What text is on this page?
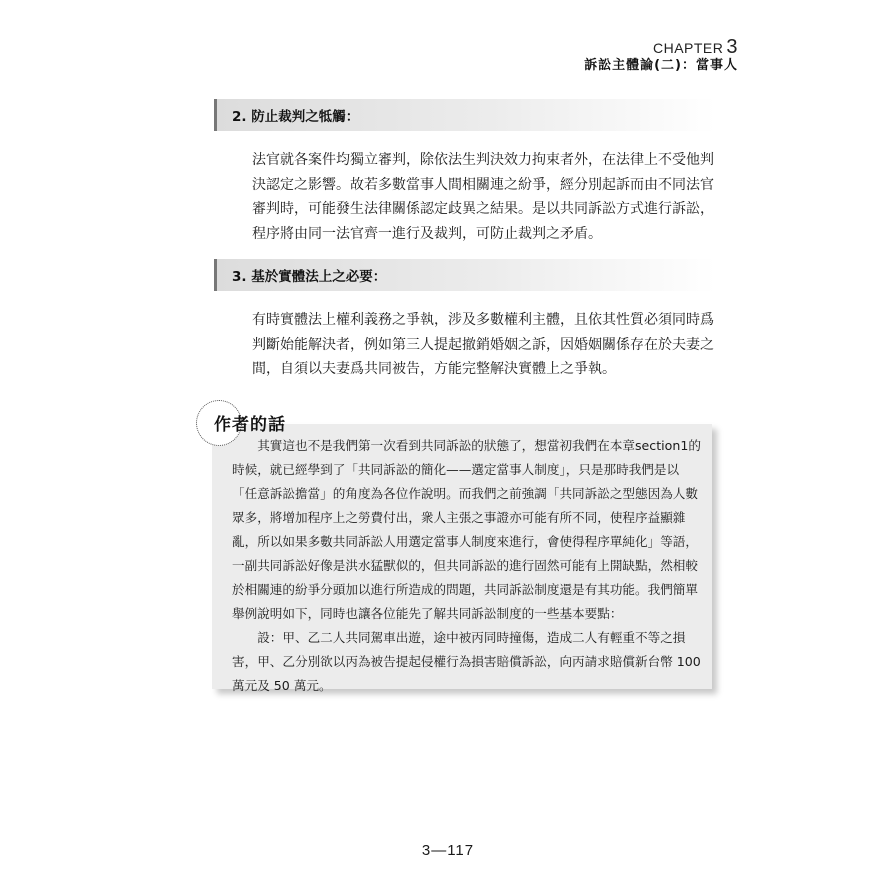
CHAPTER 3
訴訟主體論(二)：當事人
2. 防止裁判之牴觸：

法官就各案件均獨立審判，除依法生判決效力拘束者外，在法律上不受他判決認定之影響。故若多數當事人間相關連之紛爭，經分別起訴而由不同法官審判時，可能發生法律關係認定歧異之結果。是以共同訴訟方式進行訴訟，程序將由同一法官齊一進行及裁判，可防止裁判之矛盾。

3. 基於實體法上之必要：

有時實體法上權利義務之爭執，涉及多數權利主體，且依其性質必須同時爲判斷始能解決者，例如第三人提起撤銷婚姻之訴，因婚姻關係存在於夫妻之間，自須以夫妻爲共同被告，方能完整解決實體上之爭執。

作者的話

其實這也不是我們第一次看到共同訴訟的狀態了，想當初我們在本章section1的時候，就已經學到了「共同訴訟的簡化——選定當事人制度」，只是那時我們是以「任意訴訟擔當」的角度為各位作說明。而我們之前強調「共同訴訟之型態因為人數眾多，將增加程序上之勞費付出，衆人主張之事證亦可能有所不同，使程序益顯雜亂，所以如果多數共同訴訟人用選定當事人制度來進行，會使得程序單純化」等語，一副共同訴訟好像是洪水猛獸似的，但共同訴訟的進行固然可能有上開缺點，然相較於相關連的紛爭分頭加以進行所造成的問題，共同訴訟制度還是有其功能。我們簡單舉例說明如下，同時也讓各位能先了解共同訴訟制度的一些基本要點：

設：甲、乙二人共同駕車出遊，途中被丙同時撞傷，造成二人有輕重不等之損害，甲、乙分別欲以丙為被告提起侵權行為損害賠償訴訟，向丙請求賠償新台幣 100 萬元及 50 萬元。

3—117
